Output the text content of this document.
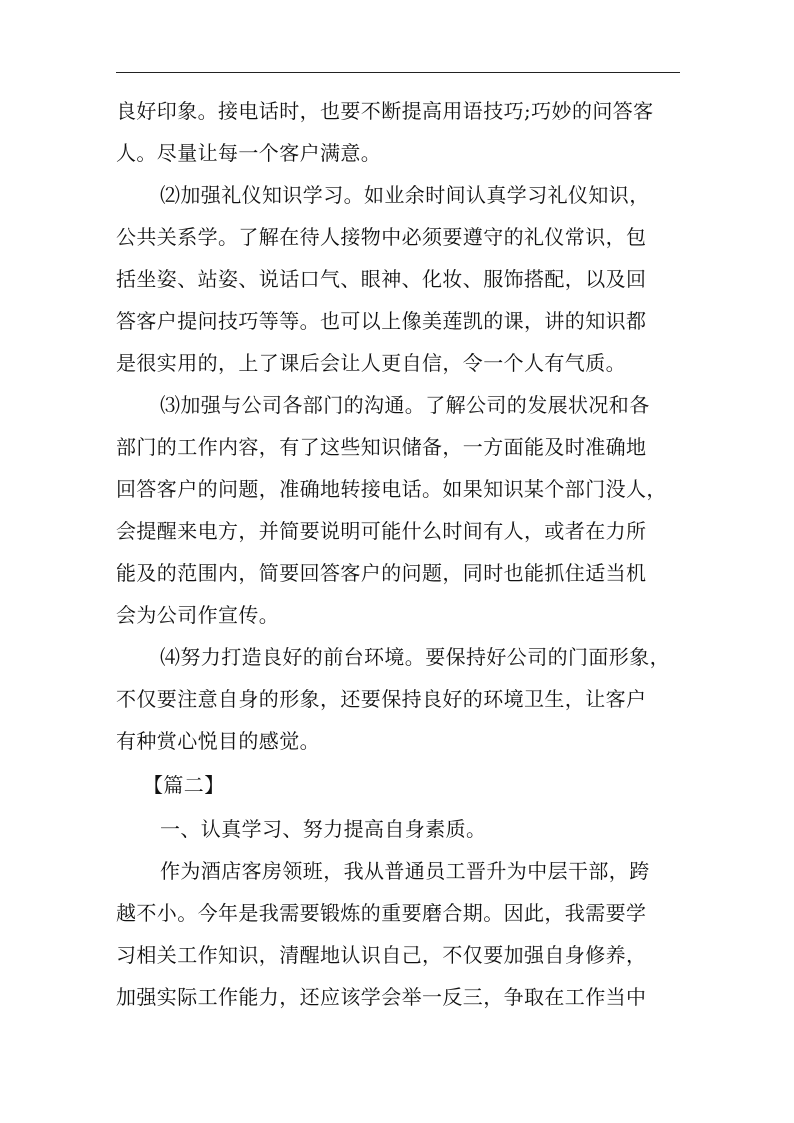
良好印象。接电话时，也要不断提高用语技巧;巧妙的问答客
人。尽量让每一个客户满意。
⑵加强礼仪知识学习。如业余时间认真学习礼仪知识，
公共关系学。了解在待人接物中必须要遵守的礼仪常识，包
括坐姿、站姿、说话口气、眼神、化妆、服饰搭配，以及回
答客户提问技巧等等。也可以上像美莲凯的课，讲的知识都
是很实用的，上了课后会让人更自信，令一个人有气质。
⑶加强与公司各部门的沟通。了解公司的发展状况和各
部门的工作内容，有了这些知识储备，一方面能及时准确地
回答客户的问题，准确地转接电话。如果知识某个部门没人，
会提醒来电方，并简要说明可能什么时间有人，或者在力所
能及的范围内，简要回答客户的问题，同时也能抓住适当机
会为公司作宣传。
⑷努力打造良好的前台环境。要保持好公司的门面形象，
不仅要注意自身的形象，还要保持良好的环境卫生，让客户
有种赏心悦目的感觉。
【篇二】
一、认真学习、努力提高自身素质。
作为酒店客房领班，我从普通员工晋升为中层干部，跨
越不小。今年是我需要锻炼的重要磨合期。因此，我需要学
习相关工作知识，清醒地认识自己，不仅要加强自身修养，
加强实际工作能力，还应该学会举一反三，争取在工作当中
